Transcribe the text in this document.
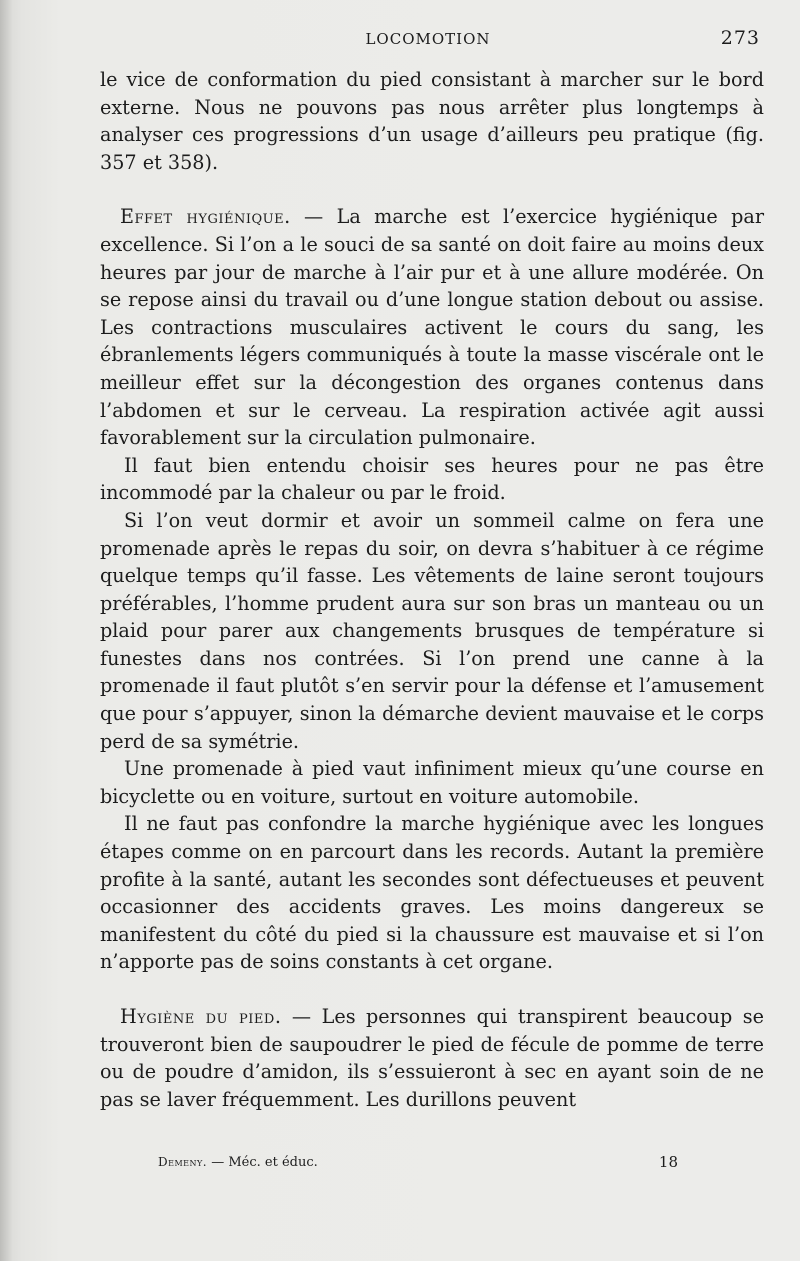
LOCOMOTION	273

le vice de conformation du pied consistant à marcher sur le bord externe. Nous ne pouvons pas nous arrêter plus longtemps à analyser ces progressions d’un usage d’ailleurs peu pratique (fig. 357 et 358).

Effet hygiénique. — La marche est l’exercice hygiénique par excellence. Si l’on a le souci de sa santé on doit faire au moins deux heures par jour de marche à l’air pur et à une allure modérée. On se repose ainsi du travail ou d’une longue station debout ou assise. Les contractions musculaires activent le cours du sang, les ébranlements légers communiqués à toute la masse viscérale ont le meilleur effet sur la décongestion des organes contenus dans l’abdomen et sur le cerveau. La respiration activée agit aussi favorablement sur la circulation pulmonaire.

Il faut bien entendu choisir ses heures pour ne pas être incommodé par la chaleur ou par le froid.

Si l’on veut dormir et avoir un sommeil calme on fera une promenade après le repas du soir, on devra s’habituer à ce régime quelque temps qu’il fasse. Les vêtements de laine seront toujours préférables, l’homme prudent aura sur son bras un manteau ou un plaid pour parer aux changements brusques de température si funestes dans nos contrées. Si l’on prend une canne à la promenade il faut plutôt s’en servir pour la défense et l’amusement que pour s’appuyer, sinon la démarche devient mauvaise et le corps perd de sa symétrie.

Une promenade à pied vaut infiniment mieux qu’une course en bicyclette ou en voiture, surtout en voiture automobile.

Il ne faut pas confondre la marche hygiénique avec les longues étapes comme on en parcourt dans les records. Autant la première profite à la santé, autant les secondes sont défectueuses et peuvent occasionner des accidents graves. Les moins dangereux se manifestent du côté du pied si la chaussure est mauvaise et si l’on n’apporte pas de soins constants à cet organe.

Hygiène du pied. — Les personnes qui transpirent beaucoup se trouveront bien de saupoudrer le pied de fécule de pomme de terre ou de poudre d’amidon, ils s’essuieront à sec en ayant soin de ne pas se laver fréquemment. Les durillons peuvent

Demeny. — Méc. et éduc.	18
